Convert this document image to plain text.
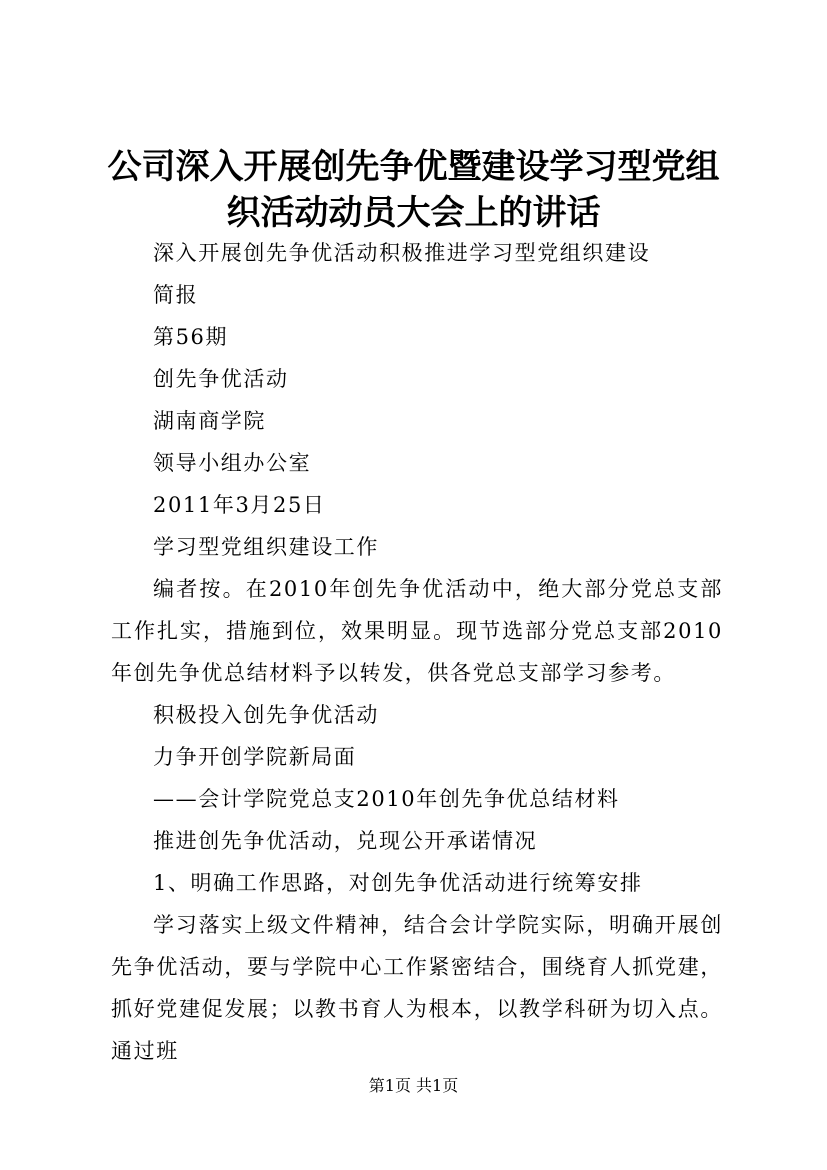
公司深入开展创先争优暨建设学习型党组织活动动员大会上的讲话

深入开展创先争优活动积极推进学习型党组织建设

简报

第56期

创先争优活动

湖南商学院

领导小组办公室

2011年3月25日

学习型党组织建设工作

编者按。在2010年创先争优活动中，绝大部分党总支部工作扎实，措施到位，效果明显。现节选部分党总支部2010年创先争优总结材料予以转发，供各党总支部学习参考。

积极投入创先争优活动

力争开创学院新局面

——会计学院党总支2010年创先争优总结材料

推进创先争优活动，兑现公开承诺情况

1、明确工作思路，对创先争优活动进行统筹安排

学习落实上级文件精神，结合会计学院实际，明确开展创先争优活动，要与学院中心工作紧密结合，围绕育人抓党建，抓好党建促发展；以教书育人为根本，以教学科研为切入点。通过班

第1页 共1页
